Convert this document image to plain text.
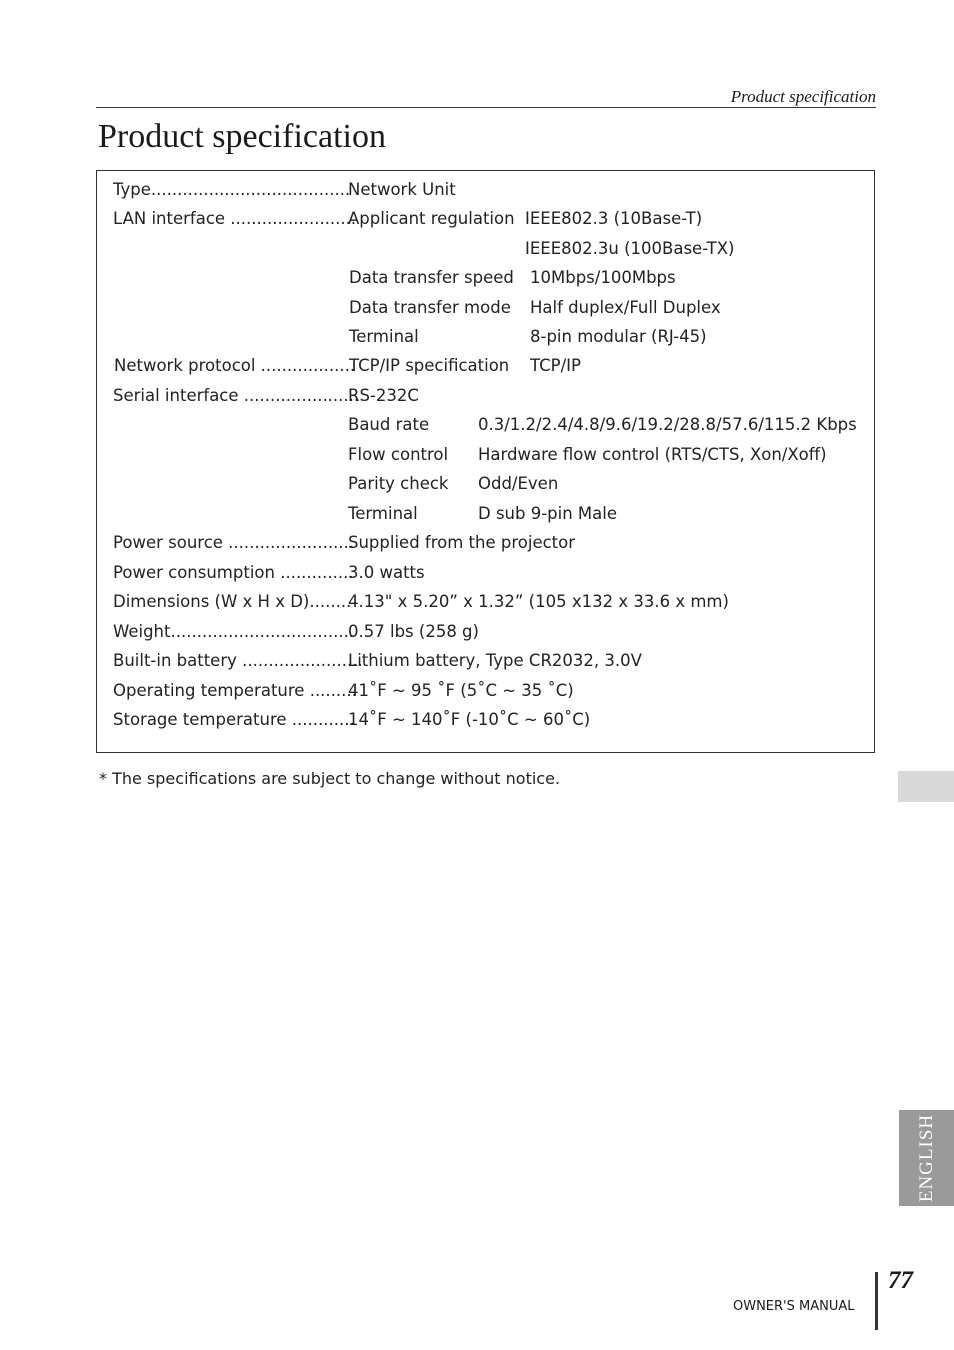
Product specification
Product specification
Type......................................
Network Unit
LAN interface ........................
Applicant regulation IEEE802.3 (10Base-T)
IEEE802.3u (100Base-TX)
Data transfer speed 10Mbps/100Mbps
Data transfer mode Half duplex/Full Duplex
Terminal	8-pin modular (RJ-45)
Network protocol ..................
TCP/IP specification TCP/IP
Serial interface ......................
RS-232C
Baud rate	0.3/1.2/2.4/4.8/9.6/19.2/28.8/57.6/115.2 Kbps
Flow control Hardware flow control (RTS/CTS, Xon/Xoff)
Parity check Odd/Even
Terminal	D sub 9-pin Male
Power source ........................
Supplied from the projector
Power consumption ..............
3.0 watts
Dimensions (W x H x D)........
4.13" x 5.20” x 1.32” (105 x132 x 33.6 x mm)
Weight...................................
0.57 lbs (258 g)
Built-in battery .......................
Lithium battery, Type CR2032, 3.0V
Operating temperature .........
41˚F ~ 95 ˚F (5˚C ~ 35 ˚C)
Storage temperature ............
14˚F ~ 140˚F (-10˚C ~ 60˚C)
* The specifications are subject to change without notice.
ENGLISH
77
OWNER'S MANUAL
